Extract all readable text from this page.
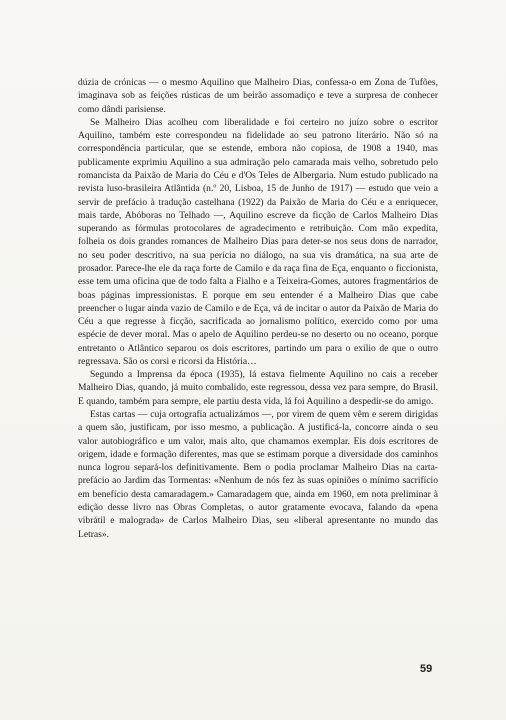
dúzia de crónicas — o mesmo Aquilino que Malheiro Dias, confessa-o em Zona de Tufões, imaginava sob as feições rústicas de um beirão assomadiço e teve a surpresa de conhecer como dândi parisiense.

Se Malheiro Dias acolheu com liberalidade e foi certeiro no juízo sobre o escritor Aquilino, também este correspondeu na fidelidade ao seu patrono literário. Não só na correspondência particular, que se estende, embora não copiosa, de 1908 a 1940, mas publicamente exprimiu Aquilino a sua admiração pelo camarada mais velho, sobretudo pelo romancista da Paixão de Maria do Céu e d'Os Teles de Albergaria. Num estudo publicado na revista luso-brasileira Atlântida (n.º 20, Lisboa, 15 de Junho de 1917) — estudo que veio a servir de prefácio à tradução castelhana (1922) da Paixão de Maria do Céu e a enriquecer, mais tarde, Abóboras no Telhado —, Aquilino escreve da ficção de Carlos Malheiro Dias superando as fórmulas protocolares de agradecimento e retribuição. Com mão expedita, folheia os dois grandes romances de Malheiro Dias para deter-se nos seus dons de narrador, no seu poder descritivo, na sua perícia no diálogo, na sua vis dramática, na sua arte de prosador. Parece-lhe ele da raça forte de Camilo e da raça fina de Eça, enquanto o ficcionista, esse tem uma oficina que de todo falta a Fialho e a Teixeira-Gomes, autores fragmentários de boas páginas impressionistas. E porque em seu entender é a Malheiro Dias que cabe preencher o lugar ainda vazio de Camilo e de Eça, vá de incitar o autor da Paixão de Maria do Céu a que regresse à ficção, sacrificada ao jornalismo político, exercido como por uma espécie de dever moral. Mas o apelo de Aquilino perdeu-se no deserto ou no oceano, porque entretanto o Atlântico separou os dois escritores, partindo um para o exílio de que o outro regressava. São os corsi e ricorsi da História…

Segundo a Imprensa da época (1935), lá estava fielmente Aquilino no cais a receber Malheiro Dias, quando, já muito combalido, este regressou, dessa vez para sempre, do Brasil. E quando, também para sempre, ele partiu desta vida, lá foi Aquilino a despedir-se do amigo.

Estas cartas — cuja ortografia actualizámos —, por virem de quem vêm e serem dirigidas a quem são, justificam, por isso mesmo, a publicação. A justificá-la, concorre ainda o seu valor autobiográfico e um valor, mais alto, que chamamos exemplar. Eis dois escritores de origem, idade e formação diferentes, mas que se estimam porque a diversidade dos caminhos nunca logrou separá-los definitivamente. Bem o podia proclamar Malheiro Dias na carta-prefácio ao Jardim das Tormentas: «Nenhum de nós fez às suas opiniões o mínimo sacrifício em benefício desta camaradagem.» Camaradagem que, ainda em 1960, em nota preliminar à edição desse livro nas Obras Completas, o autor gratamente evocava, falando da «pena vibrátil e malograda» de Carlos Malheiro Dias, seu «liberal apresentante no mundo das Letras».

59
